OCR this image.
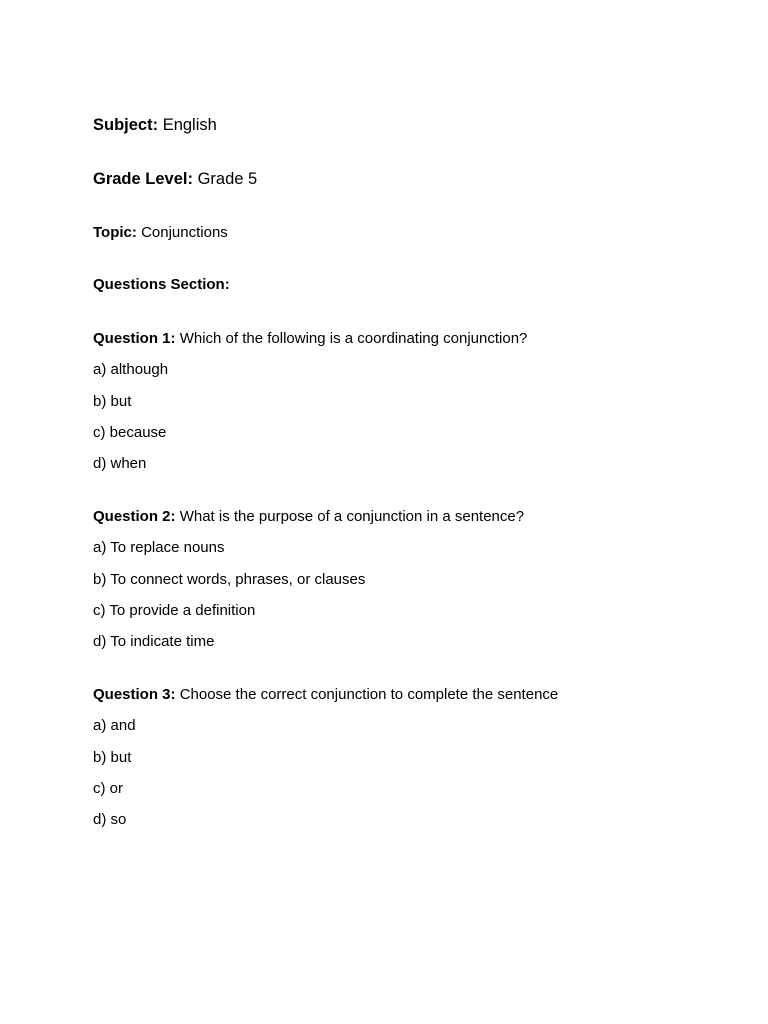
Subject: English
Grade Level: Grade 5
Topic: Conjunctions
Questions Section:
Question 1: Which of the following is a coordinating conjunction?
a) although
b) but
c) because
d) when
Question 2: What is the purpose of a conjunction in a sentence?
a) To replace nouns
b) To connect words, phrases, or clauses
c) To provide a definition
d) To indicate time
Question 3: Choose the correct conjunction to complete the sentence
a) and
b) but
c) or
d) so
